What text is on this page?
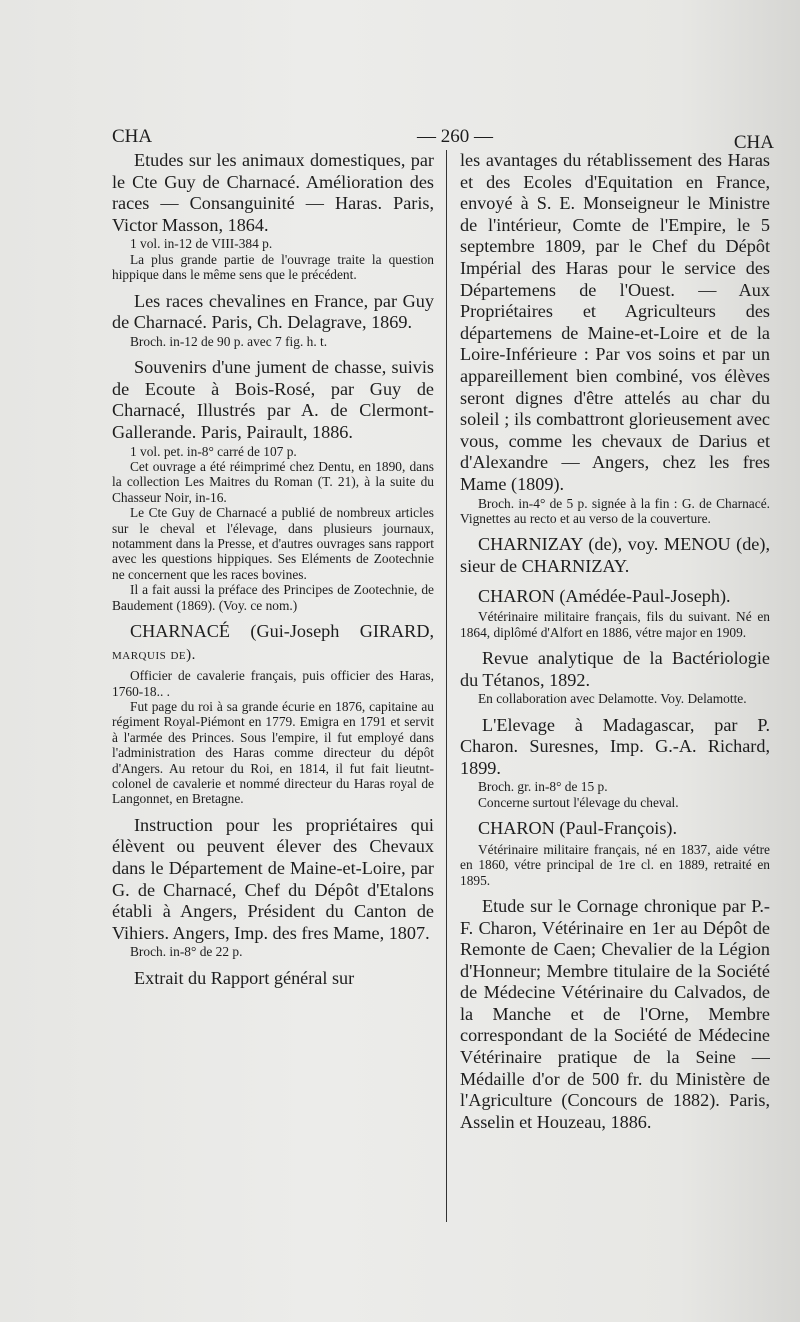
CHA	— 260 —	CHA

Etudes sur les animaux domestiques, par le Cte Guy de Charnacé. Amélioration des races — Consanguinité — Haras. Paris, Victor Masson, 1864.

1 vol. in-12 de VIII-384 p.

La plus grande partie de l'ouvrage traite la question hippique dans le même sens que le précédent.

Les races chevalines en France, par Guy de Charnacé. Paris, Ch. Delagrave, 1869.

Broch. in-12 de 90 p. avec 7 fig. h. t.

Souvenirs d'une jument de chasse, suivis de Ecoute à Bois-Rosé, par Guy de Charnacé, Illustrés par A. de Clermont-Gallerande. Paris, Pairault, 1886.

1 vol. pet. in-8° carré de 107 p.

Cet ouvrage a été réimprimé chez Dentu, en 1890, dans la collection Les Maitres du Roman (T. 21), à la suite du Chasseur Noir, in-16.

Le Cte Guy de Charnacé a publié de nombreux articles sur le cheval et l'élevage, dans plusieurs journaux, notamment dans la Presse, et d'autres ouvrages sans rapport avec les questions hippiques. Ses Eléments de Zootechnie ne concernent que les races bovines.

Il a fait aussi la préface des Principes de Zootechnie, de Baudement (1869). (Voy. ce nom.)

CHARNACÉ (Gui-Joseph GIRARD, marquis de).

Officier de cavalerie français, puis officier des Haras, 1760-18.. .

Fut page du roi à sa grande écurie en 1876, capitaine au régiment Royal-Piémont en 1779. Emigra en 1791 et servit à l'armée des Princes. Sous l'empire, il fut employé dans l'administration des Haras comme directeur du dépôt d'Angers. Au retour du Roi, en 1814, il fut fait lieutnt-colonel de cavalerie et nommé directeur du Haras royal de Langonnet, en Bretagne.

Instruction pour les propriétaires qui élèvent ou peuvent élever des Chevaux dans le Département de Maine-et-Loire, par G. de Charnacé, Chef du Dépôt d'Etalons établi à Angers, Président du Canton de Vihiers. Angers, Imp. des fres Mame, 1807.

Broch. in-8° de 22 p.

Extrait du Rapport général sur

les avantages du rétablissement des Haras et des Ecoles d'Equitation en France, envoyé à S. E. Monseigneur le Ministre de l'intérieur, Comte de l'Empire, le 5 septembre 1809, par le Chef du Dépôt Impérial des Haras pour le service des Départemens de l'Ouest. — Aux Propriétaires et Agriculteurs des départemens de Maine-et-Loire et de la Loire-Inférieure : Par vos soins et par un appareillement bien combiné, vos élèves seront dignes d'être attelés au char du soleil ; ils combattront glorieusement avec vous, comme les chevaux de Darius et d'Alexandre — Angers, chez les fres Mame (1809).

Broch. in-4° de 5 p. signée à la fin : G. de Charnacé. Vignettes au recto et au verso de la couverture.

CHARNIZAY (de), voy. MENOU (de), sieur de CHARNIZAY.

CHARON (Amédée-Paul-Joseph).

Vétérinaire militaire français, fils du suivant. Né en 1864, diplômé d'Alfort en 1886, vétre major en 1909.

Revue analytique de la Bactériologie du Tétanos, 1892.

En collaboration avec Delamotte. Voy. Delamotte.

L'Elevage à Madagascar, par P. Charon. Suresnes, Imp. G.-A. Richard, 1899.

Broch. gr. in-8° de 15 p.

Concerne surtout l'élevage du cheval.

CHARON (Paul-François).

Vétérinaire militaire français, né en 1837, aide vétre en 1860, vétre principal de 1re cl. en 1889, retraité en 1895.

Etude sur le Cornage chronique par P.-F. Charon, Vétérinaire en 1er au Dépôt de Remonte de Caen; Chevalier de la Légion d'Honneur; Membre titulaire de la Société de Médecine Vétérinaire du Calvados, de la Manche et de l'Orne, Membre correspondant de la Société de Médecine Vétérinaire pratique de la Seine — Médaille d'or de 500 fr. du Ministère de l'Agriculture (Concours de 1882). Paris, Asselin et Houzeau, 1886.
